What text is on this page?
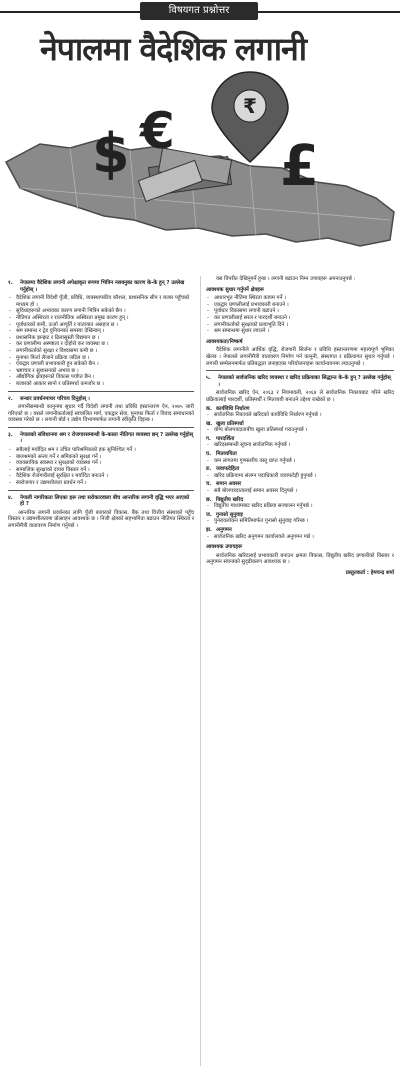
विषयगत प्रश्नोत्तर
नेपालमा वैदेशिक लगानी
₹
$ €
£
१. नेपालमा वैदेशिक लगानी अपेक्षाकृत रूपमा भित्रिन नसक्नुका कारण के-के हुन् ? उल्लेख गर्नुहोस् ।

- वैदेशिक लगानी विदेशी पुँजी, प्रविधि, व्यवस्थापकीय कौशल, प्रशासनिक सीप र बजार पहुँचको माध्यम हो ।

- सुविधाहरूको अभावका कारण लगानी भित्रिन सकेको छैन ।

- नीतिगत अस्थिरता र राजनीतिक अस्थिरता प्रमुख कारण हुन् ।

- पूर्वाधारको कमी, ऊर्जा आपूर्ति र यातायात असहज छ ।

- श्रम सम्बन्ध र ट्रेड युनियनका समस्या देखिन्छन् ।

- प्रशासनिक झन्झट र ढिलासुस्ती विद्यमान छ ।

- कर प्रणालीमा अस्पष्टता र दोहोरो कर व्यवस्था छ ।

- लगानीकर्ताको सुरक्षा र विश्वासमा कमी छ ।

- मुनाफा फिर्ता लैजाने प्रक्रिया जटिल छ ।

- एकद्वार प्रणाली प्रभावकारी हुन सकेको छैन ।

- भ्रष्टाचार र सुशासनको अभाव छ ।

- औद्योगिक क्षेत्रहरूको विकास पर्याप्त छैन ।

- बजारको आकार सानो र प्रतिस्पर्धा कमजोर छ ।

२. सन्धार प्रवर्धनमाथर परिचय दिनुहोस् ।

लगानीसम्बन्धी कानुनमा सुधार गर्दै विदेशी लगानी तथा प्रविधि हस्तान्तरण ऐन, २०७५ जारी गरिएको छ । यसले लगानीकर्तालाई स्वचालित मार्ग, एकद्वार सेवा, मुनाफा फिर्ता र विवाद समाधानको व्यवस्था गरेको छ । लगानी बोर्ड र उद्योग विभागमार्फत लगानी स्वीकृति दिइन्छ ।

३. नेपालको संविधानमा श्रम र रोजगारसम्बन्धी के-कस्ता नीतिगत व्यवस्था छन् ? उल्लेख गर्नुहोस् ।

- सबैलाई मर्यादित श्रम र उचित पारिश्रमिकको हक सुनिश्चित गर्ने ।

- बालश्रमको अन्त्य गर्ने र श्रमिकको सुरक्षा गर्ने ।

- व्यावसायिक स्वास्थ्य र सुरक्षाको व्यवस्था गर्ने ।

- सामाजिक सुरक्षाको दायरा विस्तार गर्ने ।

- वैदेशिक रोजगारीलाई सुरक्षित र मर्यादित बनाउने ।

- स्वरोजगार र उद्यमशीलता प्रवर्धन गर्ने ।

४. नेपाली नागरिकता लिएका हरू तथा सरोकारवाला बीच आन्तरिक लगानी वृद्धि भएर आएको हो ?

आन्तरिक लगानी प्रवर्धनका लागि पुँजी बजारको विकास, बैंक तथा वित्तीय संस्थाको पहुँच विस्तार र उद्यमशीलतामा प्रोत्साहन आवश्यक छ । निजी क्षेत्रको सहभागिता बढाउन नीतिगत स्थिरता र लगानीमैत्री वातावरण निर्माण गर्नुपर्छ ।

यस विपरीत देखिनुपर्ने हुन्छ । लगानी बढाउन निम्न उपायहरू अपनाउनुपर्छ :

आवश्यक सुधार गर्नुपर्ने क्षेत्रहरू

- आधारभूत नीतिमा स्थिरता कायम गर्ने ।

- एकद्वार प्रणालीलाई प्रभावकारी बनाउने ।

- पूर्वाधार विकासमा लगानी बढाउने ।

- कर प्रणालीलाई सरल र पारदर्शी बनाउने ।

- लगानीकर्ताको सुरक्षाको प्रत्याभूति दिने ।

- श्रम सम्बन्धमा सुधार ल्याउने ।

आवश्यकता/निष्कर्ष

वैदेशिक लगानीले आर्थिक वृद्धि, रोजगारी सिर्जना र प्रविधि हस्तान्तरणमा महत्त्वपूर्ण भूमिका खेल्छ । नेपालले लगानीमैत्री वातावरण निर्माण गर्न कानुनी, संस्थागत र प्रक्रियागत सुधार गर्नुपर्छ । लगानी सम्मेलनमार्फत प्रतिबद्धता जनाइएका परियोजनाहरू कार्यान्वयनमा ल्याउनुपर्छ ।

५. नेपालको सार्वजनिक खरिद व्यवस्था र खरिद प्रक्रियाका सिद्धान्त के-के हुन् ? उल्लेख गर्नुहोस् ।

सार्वजनिक खरिद ऐन, २०६३ र नियमावली, २०६४ ले सार्वजनिक निकायबाट गरिने खरिद प्रक्रियालाई पारदर्शी, प्रतिस्पर्धी र मितव्ययी बनाउने उद्देश्य राखेको छ ।

क. कार्यविधि निर्धारण

- सार्वजनिक निकायले खरिदको कार्यविधि निर्धारण गर्नुपर्छ ।

ख. खुला प्रतिस्पर्धा

- योग्य बोलपत्रदाताबीच खुला प्रतिस्पर्धा गराउनुपर्छ ।

ग. पारदर्शिता

- खरिदसम्बन्धी सूचना सार्वजनिक गर्नुपर्छ ।

घ. मितव्ययिता

- कम लागतमा गुणस्तरीय वस्तु प्राप्त गर्नुपर्छ ।

ङ. जवाफदेहिता

- खरिद प्रक्रियामा संलग्न पदाधिकारी जवाफदेही हुनुपर्छ ।

च. समान अवसर

- सबै बोलपत्रदातालाई समान अवसर दिनुपर्छ ।

छ. विद्युतीय खरिद

- विद्युतीय माध्यमबाट खरिद प्रक्रिया सञ्चालन गर्नुपर्छ ।

ज. गुनासो सुनुवाइ

- पुनरावलोकन समितिमार्फत गुनासो सुनुवाइ गरिन्छ ।

झ. अनुगमन

- सार्वजनिक खरिद अनुगमन कार्यालयले अनुगमन गर्छ ।

आवश्यक उपायहरू

सार्वजनिक खरिदलाई प्रभावकारी बनाउन क्षमता विकास, विद्युतीय खरिद प्रणालीको विस्तार र अनुगमन संयन्त्रको सुदृढीकरण आवश्यक छ ।

प्रस्तुतकर्ता : हेमचन्द्र शर्मा
